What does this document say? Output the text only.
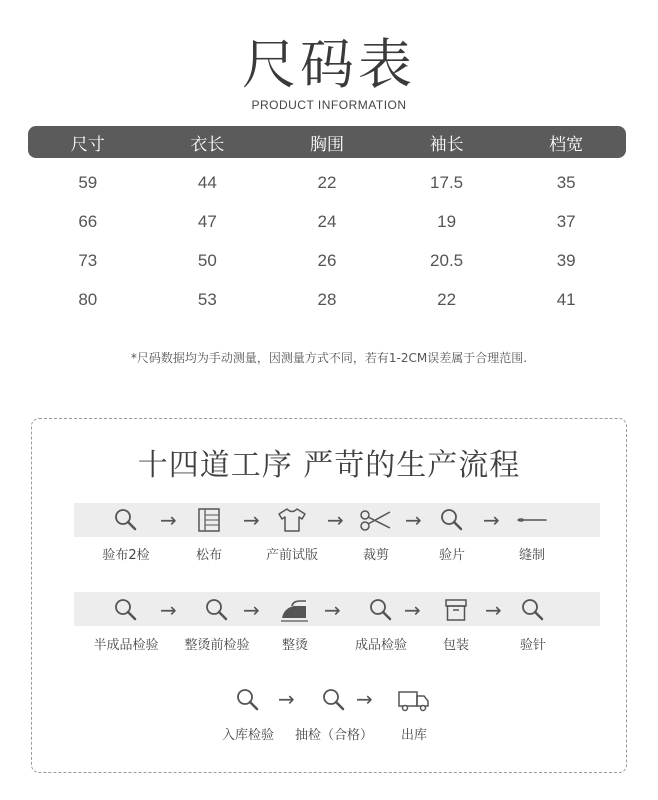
尺码表
PRODUCT INFORMATION
尺寸	衣长	胸围	袖长	档宽
59	44	22	17.5	35
66	47	24	19	37
73	50	26	20.5	39
80	53	28	22	41
*尺码数据均为手动测量，因测量方式不同，若有1-2CM误差属于合理范围.
十四道工序 严苛的生产流程
验布2检
→
松布
→
产前试版
→
裁剪
→
验片
→
缝制
半成品检验
→
整烫前检验
→
整烫
→
成品检验
→
包装
→
验针
入库检验
→
抽检（合格）
→
出库
